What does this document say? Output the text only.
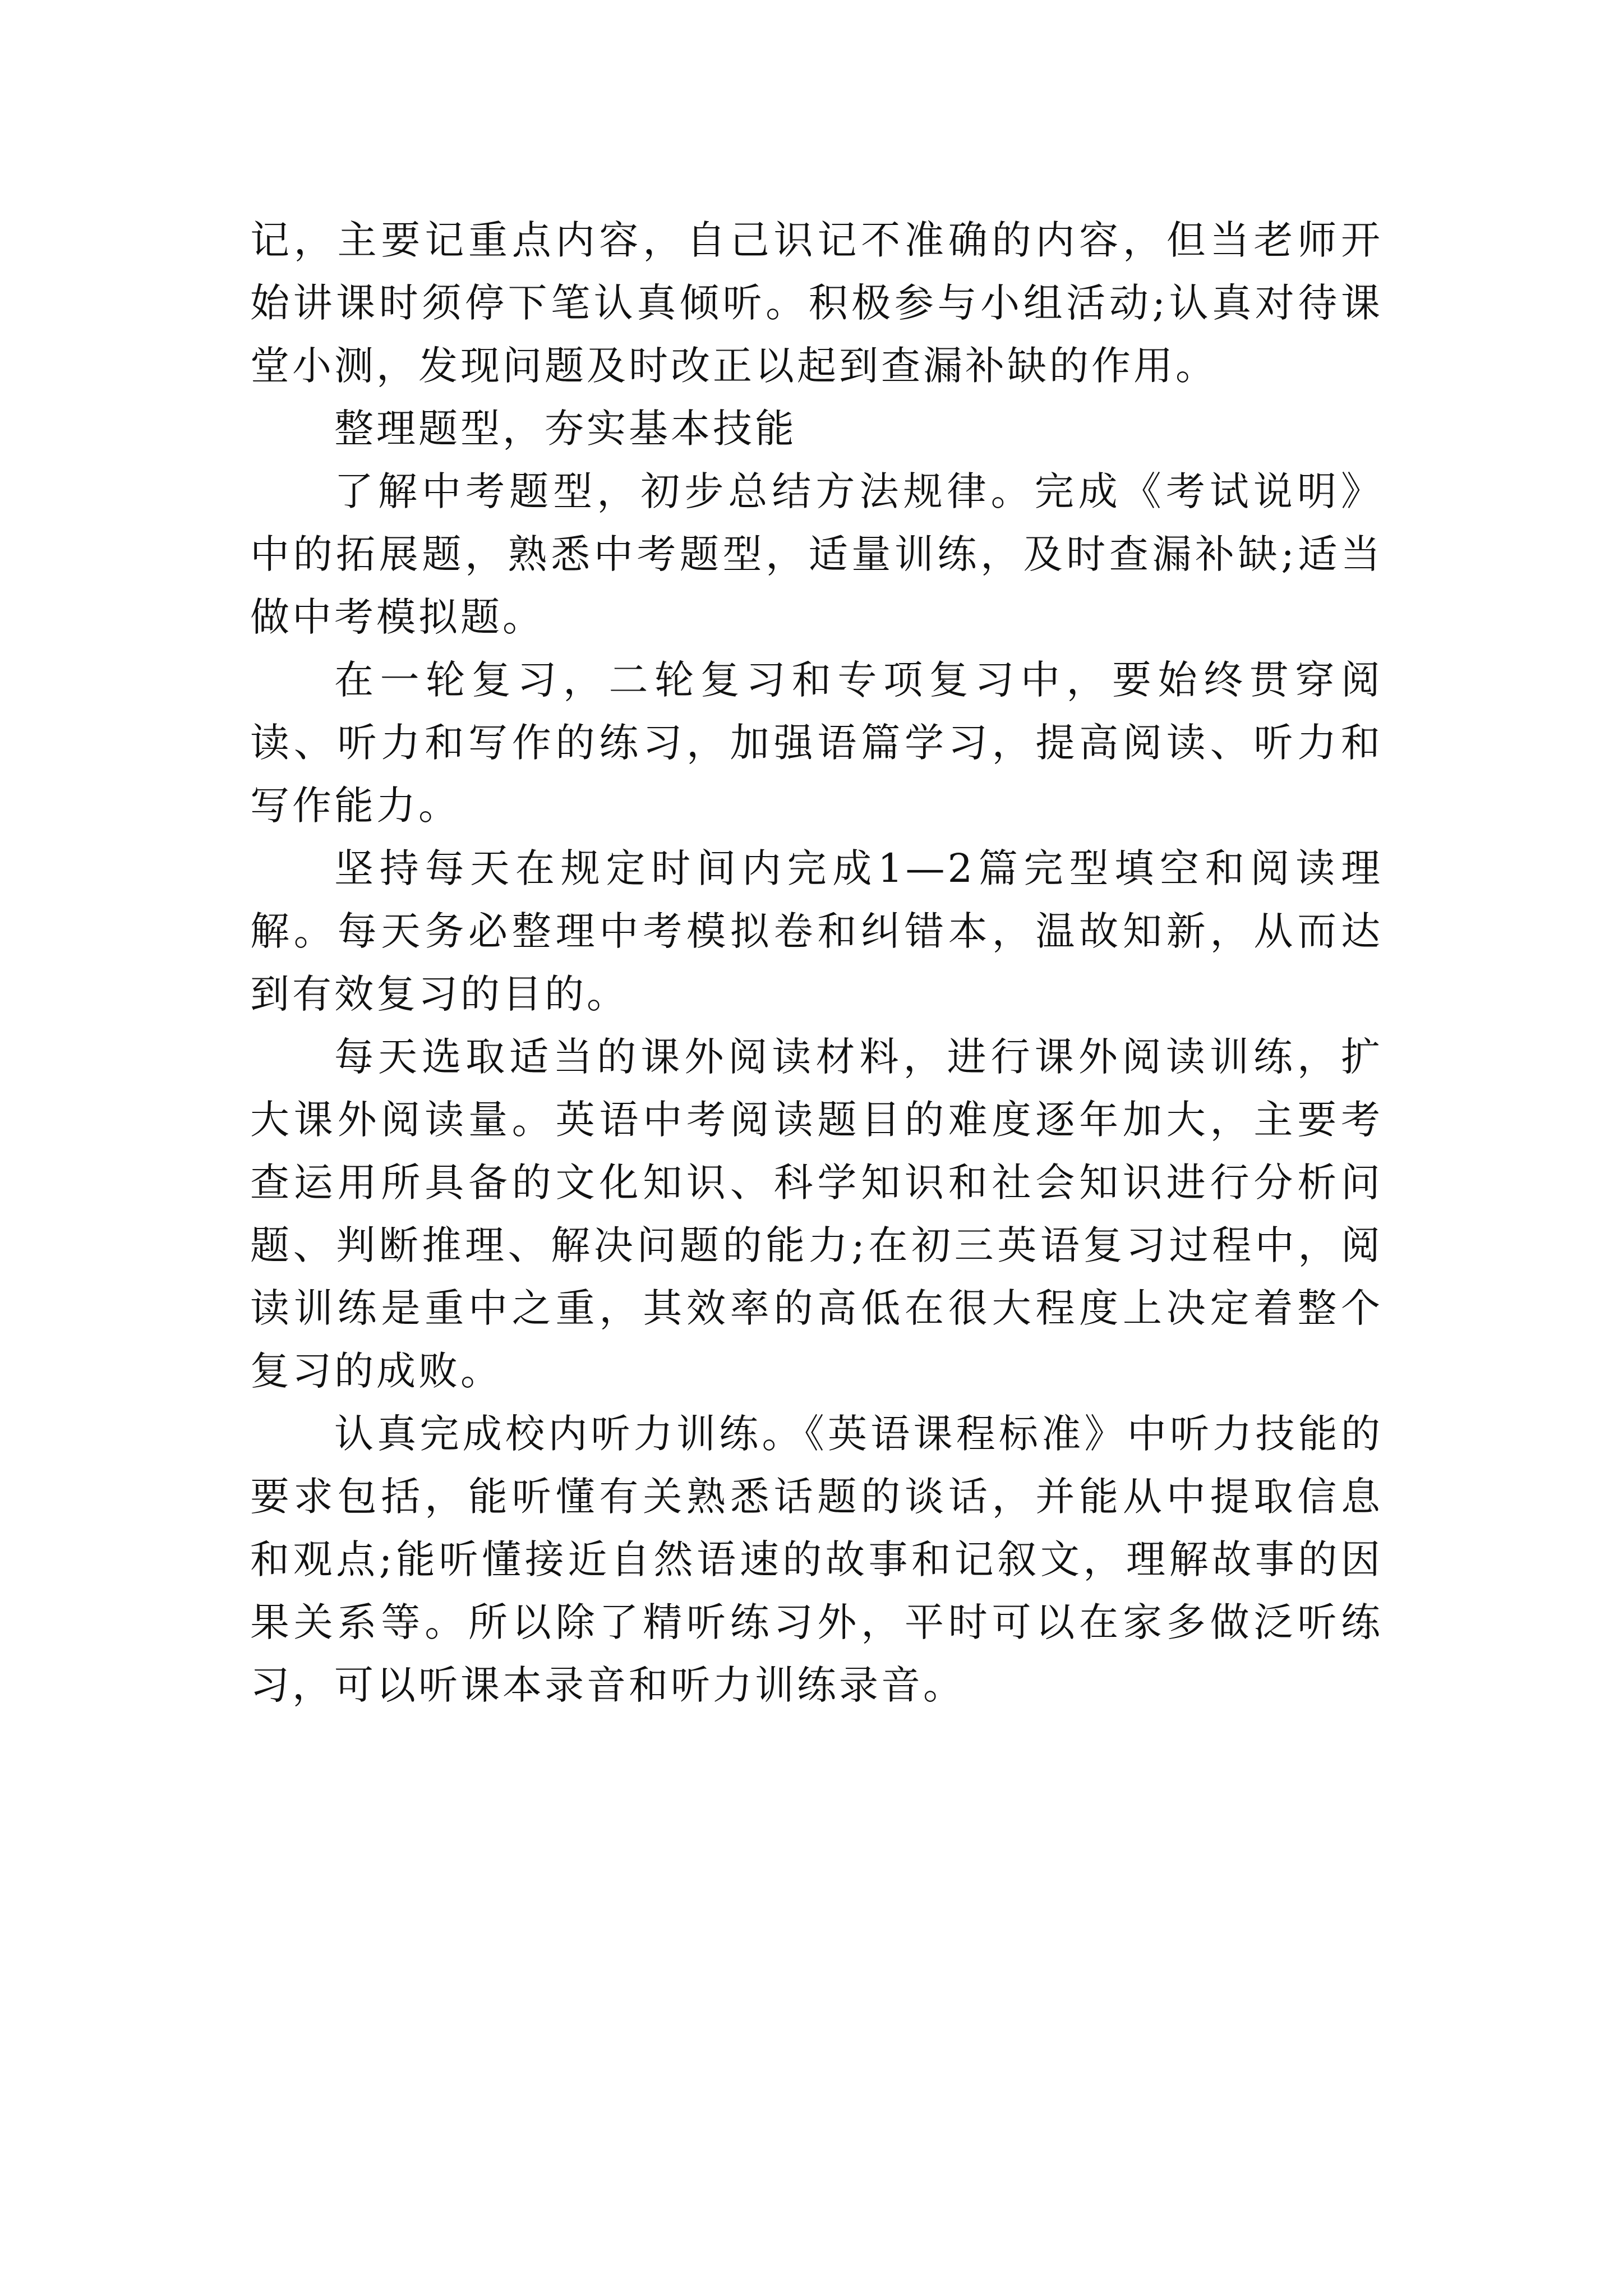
记，主要记重点内容，自己识记不准确的内容，但当老师开始讲课时须停下笔认真倾听。积极参与小组活动;认真对待课堂小测，发现问题及时改正以起到查漏补缺的作用。

整理题型，夯实基本技能

了解中考题型，初步总结方法规律。完成《考试说明》中的拓展题，熟悉中考题型，适量训练，及时查漏补缺;适当做中考模拟题。

在一轮复习，二轮复习和专项复习中，要始终贯穿阅读、听力和写作的练习，加强语篇学习，提高阅读、听力和写作能力。

坚持每天在规定时间内完成1—2篇完型填空和阅读理解。每天务必整理中考模拟卷和纠错本，温故知新，从而达到有效复习的目的。

每天选取适当的课外阅读材料，进行课外阅读训练，扩大课外阅读量。英语中考阅读题目的难度逐年加大，主要考查运用所具备的文化知识、科学知识和社会知识进行分析问题、判断推理、解决问题的能力;在初三英语复习过程中，阅读训练是重中之重，其效率的高低在很大程度上决定着整个复习的成败。

认真完成校内听力训练。《英语课程标准》中听力技能的要求包括，能听懂有关熟悉话题的谈话，并能从中提取信息和观点;能听懂接近自然语速的故事和记叙文，理解故事的因果关系等。所以除了精听练习外，平时可以在家多做泛听练习，可以听课本录音和听力训练录音。
